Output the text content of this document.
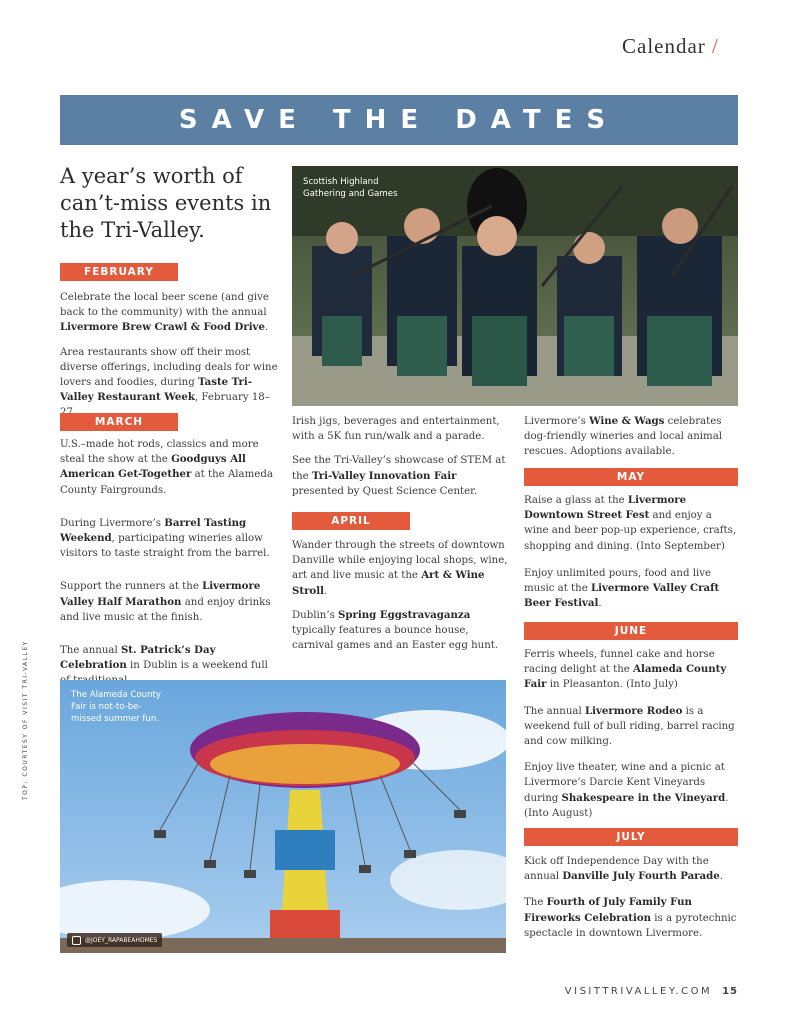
Calendar /
SAVE THE DATES
A year’s worth of can’t-miss events in the Tri-Valley.
Scottish Highland
Gathering and Games
FEBRUARY

Celebrate the local beer scene (and give back to the community) with the annual Livermore Brew Crawl & Food Drive.

Area restaurants show off their most diverse offerings, including deals for wine lovers and foodies, during Taste Tri-Valley Restaurant Week, February 18–

MARCH

U.S.–made hot rods, classics and more steal the show at the Goodguys All American Get-Together at the Alameda County Fairgrounds.

During Livermore’s Barrel Tasting Weekend, participating wineries allow visitors to taste straight from the barrel.

Support the runners at the Livermore Valley Half Marathon and enjoy drinks and live music at the finish.

The annual St. Patrick’s Day Celebration in Dublin is a weekend full

Irish jigs, beverages and entertainment, with a 5K fun run/walk and a parade.

See the Tri-Valley’s showcase of STEM at the Tri-Valley Innovation Fair presented by Quest Science Center.

APRIL

Wander through the streets of downtown Danville while enjoying local shops, wine, art and live music at the Art & Wine Stroll.

Dublin’s Spring Eggstravaganza typically features a bounce house, carnival games and an Easter egg hunt.

Livermore’s Wine & Wags celebrates dog-friendly wineries and local animal rescues. Adoptions available.

MAY

Raise a glass at the Livermore Downtown Street Fest and enjoy a wine and beer pop-up experience, crafts, shopping and dining. (Into September)

Enjoy unlimited pours, food and live music at the Livermore Valley Craft Beer Festival.

JUNE

Ferris wheels, funnel cake and horse racing delight at the Alameda County Fair in Pleasanton. (Into July)

The annual Livermore Rodeo is a weekend full of bull riding, barrel racing and cow milking.

Enjoy live theater, wine and a picnic at Livermore’s Darcie Kent Vineyards during Shakespeare in the Vineyard. (Into August)

JULY

Kick off Independence Day with the annual Danville July Fourth Parade.

The Fourth of July Family Fun Fireworks Celebration is a pyrotechnic spectacle in downtown Livermore.

The Alameda County
Fair is not-to-be-
missed summer fun.
@JOEY_RAPABEAHOMES
TOP: COURTESY OF VISIT TRI-VALLEY
VISITTRIVALLEY.COM 15
